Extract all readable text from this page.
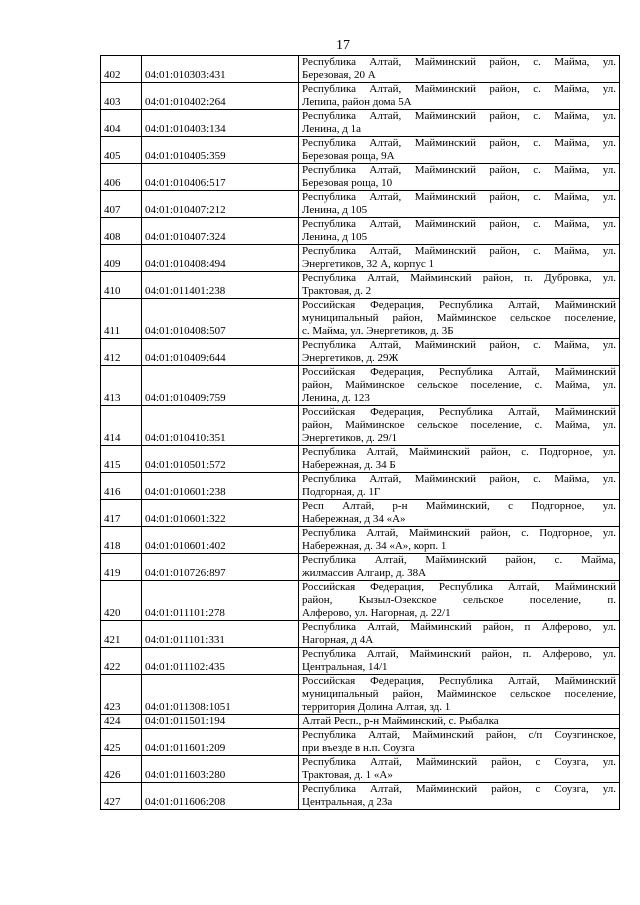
17
402	04:01:010303:431	Республика Алтай, Майминский район, с. Майма, ул.
Березовая, 20 А

403	04:01:010402:264	Республика Алтай, Майминский район, с. Майма, ул.
Лепипа, район дома 5А

404	04:01:010403:134	Республика Алтай, Майминский район, с. Майма, ул.
Ленина, д 1а

405	04:01:010405:359	Республика Алтай, Майминский район, с. Майма, ул.
Березовая роща, 9А

406	04:01:010406:517	Республика Алтай, Майминский район, с. Майма, ул.
Березовая роща, 10

407	04:01:010407:212	Республика Алтай, Майминский район, с. Майма, ул.
Ленина, д 105

408	04:01:010407:324	Республика Алтай, Майминский район, с. Майма, ул.
Ленина, д 105

409	04:01:010408:494	Республика Алтай, Майминский район, с. Майма, ул.
Энергетиков, 32 А, корпус 1

410	04:01:011401:238	Республика Алтай, Майминский район, п. Дубровка, ул.
Трактовая, д. 2

411	04:01:010408:507	Российская Федерация, Республика Алтай, Майминский
муниципальный район, Майминское сельское поселение,
с. Майма, ул. Энергетиков, д. 3Б

412	04:01:010409:644	Республика Алтай, Майминский район, с. Майма, ул.
Энергетиков, д. 29Ж

413	04:01:010409:759	Российская Федерация, Республика Алтай, Майминский
район, Майминское сельское поселение, с. Майма, ул.
Ленина, д. 123

414	04:01:010410:351	Российская Федерация, Республика Алтай, Майминский
район, Майминское сельское поселение, с. Майма, ул.
Энергетиков, д. 29/1

415	04:01:010501:572	Республика Алтай, Майминский район, с. Подгорное, ул.
Набережная, д. 34 Б

416	04:01:010601:238	Республика Алтай, Майминский район, с. Майма, ул.
Подгорная, д. 1Г

417	04:01:010601:322	Респ Алтай, р-н Майминский, с Подгорное, ул.
Набережная, д 34 «А»

418	04:01:010601:402	Республика Алтай, Майминский район, с. Подгорное, ул.
Набережная, д. 34 «А», корп. 1

419	04:01:010726:897	Республика Алтай, Майминский район, с. Майма,
жилмассив Алгаир, д. 38А

420	04:01:011101:278	Российская Федерация, Республика Алтай, Майминский
район, Кызыл-Озекское сельское поселение, п.
Алферово, ул. Нагорная, д. 22/1

421	04:01:011101:331	Республика Алтай, Майминский район, п Алферово, ул.
Нагорная, д 4А

422	04:01:011102:435	Республика Алтай, Майминский район, п. Алферово, ул.
Центральная, 14/1

423	04:01:011308:1051	Российская Федерация, Республика Алтай, Майминский
муниципальный район, Майминское сельское поселение,
территория Долина Алтая, зд. 1

424	04:01:011501:194	Алтай Респ., р-н Майминский, с. Рыбалка

425	04:01:011601:209	Республика Алтай, Майминский район, с/п Соузгинское,
при въезде в н.п. Соузга

426	04:01:011603:280	Республика Алтай, Майминский район, с Соузга, ул.
Трактовая, д. 1 «А»

427	04:01:011606:208	Республика Алтай, Майминский район, с Соузга, ул.
Центральная, д 23а
